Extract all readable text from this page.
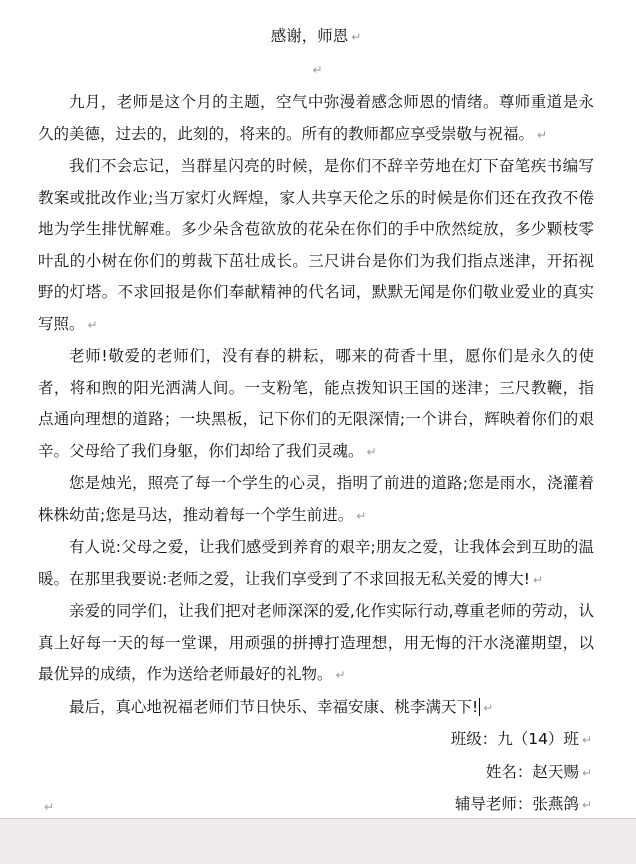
感谢，师恩 ↵

↵

九月，老师是这个月的主题，空气中弥漫着感念师恩的情绪。尊师重道是永久的美德，过去的，此刻的，将来的。所有的教师都应享受崇敬与祝福。 ↵

我们不会忘记，当群星闪亮的时候，是你们不辞辛劳地在灯下奋笔疾书编写教案或批改作业;当万家灯火辉煌，家人共享天伦之乐的时候是你们还在孜孜不倦地为学生排忧解难。多少朵含苞欲放的花朵在你们的手中欣然绽放，多少颗枝零叶乱的小树在你们的剪裁下茁壮成长。三尺讲台是你们为我们指点迷津，开拓视野的灯塔。不求回报是你们奉献精神的代名词，默默无闻是你们敬业爱业的真实写照。 ↵

老师!敬爱的老师们，没有春的耕耘，哪来的荷香十里，愿你们是永久的使者，将和煦的阳光洒满人间。一支粉笔，能点拨知识王国的迷津；三尺教鞭，指点通向理想的道路；一块黑板，记下你们的无限深情;一个讲台，辉映着你们的艰辛。父母给了我们身躯，你们却给了我们灵魂。 ↵

您是烛光，照亮了每一个学生的心灵，指明了前进的道路;您是雨水，浇灌着株株幼苗;您是马达，推动着每一个学生前进。 ↵

有人说:父母之爱，让我们感受到养育的艰辛;朋友之爱，让我体会到互助的温暖。在那里我要说:老师之爱，让我们享受到了不求回报无私关爱的博大! ↵

亲爱的同学们，让我们把对老师深深的爱,化作实际行动,尊重老师的劳动，认真上好每一天的每一堂课，用顽强的拼搏打造理想，用无悔的汗水浇灌期望，以最优异的成绩，作为送给老师最好的礼物。 ↵

最后，真心地祝福老师们节日快乐、幸福安康、桃李满天下! ↵

班级：九（14）班 ↵

姓名：赵天赐 ↵

辅导老师：张燕鸽 ↵

↵
